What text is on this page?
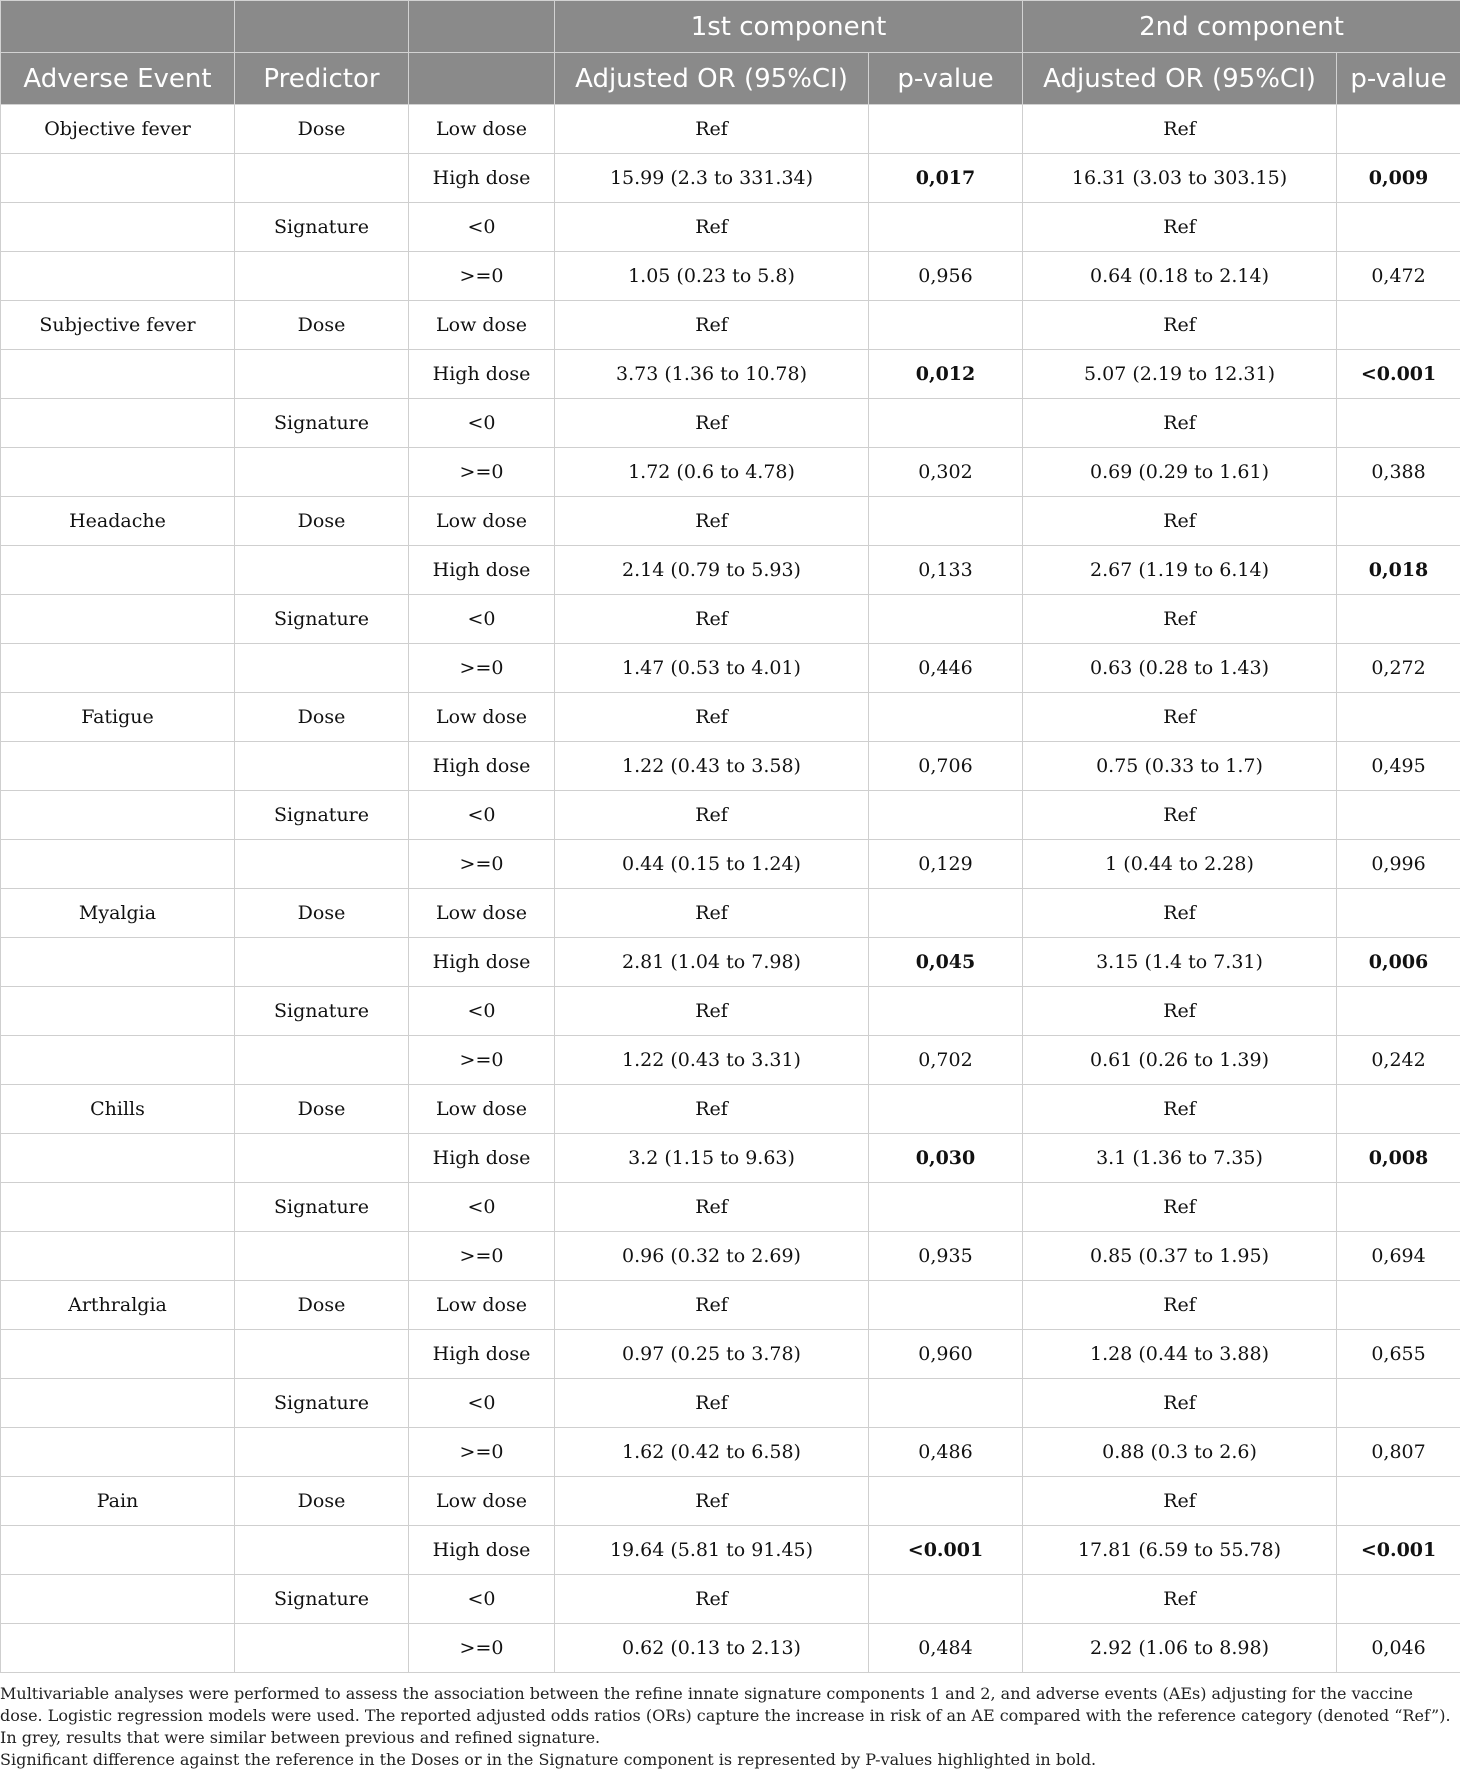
			1st component		2nd component	
Adverse Event	Predictor		Adjusted OR (95%CI)	p-value	Adjusted OR (95%CI)	p-value
Objective fever	Dose	Low dose	Ref		Ref	
		High dose	15.99 (2.3 to 331.34)	0,017	16.31 (3.03 to 303.15)	0,009
	Signature	<0	Ref		Ref	
		>=0	1.05 (0.23 to 5.8)	0,956	0.64 (0.18 to 2.14)	0,472
Subjective fever	Dose	Low dose	Ref		Ref	
		High dose	3.73 (1.36 to 10.78)	0,012	5.07 (2.19 to 12.31)	<0.001
	Signature	<0	Ref		Ref	
		>=0	1.72 (0.6 to 4.78)	0,302	0.69 (0.29 to 1.61)	0,388
Headache	Dose	Low dose	Ref		Ref	
		High dose	2.14 (0.79 to 5.93)	0,133	2.67 (1.19 to 6.14)	0,018
	Signature	<0	Ref		Ref	
		>=0	1.47 (0.53 to 4.01)	0,446	0.63 (0.28 to 1.43)	0,272
Fatigue	Dose	Low dose	Ref		Ref	
		High dose	1.22 (0.43 to 3.58)	0,706	0.75 (0.33 to 1.7)	0,495
	Signature	<0	Ref		Ref	
		>=0	0.44 (0.15 to 1.24)	0,129	1 (0.44 to 2.28)	0,996
Myalgia	Dose	Low dose	Ref		Ref	
		High dose	2.81 (1.04 to 7.98)	0,045	3.15 (1.4 to 7.31)	0,006
	Signature	<0	Ref		Ref	
		>=0	1.22 (0.43 to 3.31)	0,702	0.61 (0.26 to 1.39)	0,242
Chills	Dose	Low dose	Ref		Ref	
		High dose	3.2 (1.15 to 9.63)	0,030	3.1 (1.36 to 7.35)	0,008
	Signature	<0	Ref		Ref	
		>=0	0.96 (0.32 to 2.69)	0,935	0.85 (0.37 to 1.95)	0,694
Arthralgia	Dose	Low dose	Ref		Ref	
		High dose	0.97 (0.25 to 3.78)	0,960	1.28 (0.44 to 3.88)	0,655
	Signature	<0	Ref		Ref	
		>=0	1.62 (0.42 to 6.58)	0,486	0.88 (0.3 to 2.6)	0,807
Pain	Dose	Low dose	Ref		Ref	
		High dose	19.64 (5.81 to 91.45)	<0.001	17.81 (6.59 to 55.78)	<0.001
	Signature	<0	Ref		Ref	
		>=0	0.62 (0.13 to 2.13)	0,484	2.92 (1.06 to 8.98)	0,046

Multivariable analyses were performed to assess the association between the refine innate signature components 1 and 2, and adverse events (AEs) adjusting for the vaccine dose. Logistic regression models were used. The reported adjusted odds ratios (ORs) capture the increase in risk of an AE compared with the reference category (denoted “Ref”). In grey, results that were similar between previous and refined signature.

Significant difference against the reference in the Doses or in the Signature component is represented by P-values highlighted in bold.
